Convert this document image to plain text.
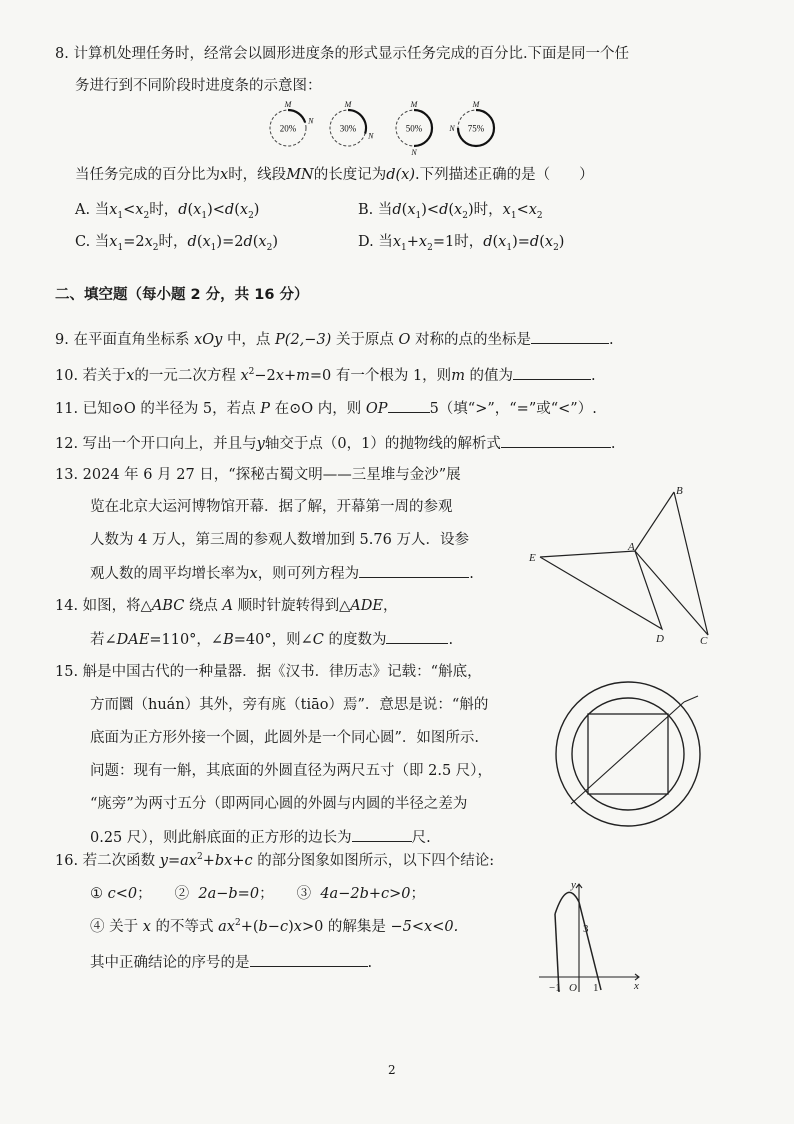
8. 计算机处理任务时，经常会以圆形进度条的形式显示任务完成的百分比.下面是同一个任
务进行到不同阶段时进度条的示意图：
20%
M
N
30%
M
N
50%
M
N
75%
M
N
当任务完成的百分比为x时，线段MN的长度记为d(x).下列描述正确的是（　　）
A. 当$x_1<x_2$时，$d(x_1)<d(x_2)$	B. 当$d(x_1)<d(x_2)$时，$x_1<x_2$
C. 当$x_1=2x_2$时，$d(x_1)=2d(x_2)$	D. 当$x_1+x_2=1$时，$d(x_1)=d(x_2)$
二、填空题（每小题 2 分，共 16 分）
9. 在平面直角坐标系 xOy 中，点 P(2,−3) 关于原点 O 对称的点的坐标是	.
10. 若关于x的一元二次方程 $x^2-2x+m=0$ 有一个根为 1，则m 的值为	.
11. 已知⊙O 的半径为 5，若点 P 在⊙O 内，则 OP	5（填“>”，“=”或“<”）.
12. 写出一个开口向上，并且与y轴交于点（0，1）的抛物线的解析式	.
13. 2024 年 6 月 27 日，“探秘古蜀文明——三星堆与金沙”展
览在北京大运河博物馆开幕．据了解，开幕第一周的参观
人数为 4 万人，第三周的参观人数增加到 5.76 万人．设参
观人数的周平均增长率为x，则可列方程为	.
14. 如图，将△ABC 绕点 A 顺时针旋转得到△ADE，
若∠DAE=110°，∠B=40°，则∠C 的度数为	.
B
A
C
D
E
15. 斛是中国古代的一种量器．据《汉书．律历志》记载：“斛底，
方而圜（huán）其外，旁有庣（tiāo）焉”．意思是说：“斛的
底面为正方形外接一个圆，此圆外是一个同心圆”．如图所示.
问题：现有一斛，其底面的外圆直径为两尺五寸（即 2.5 尺），
“庣旁”为两寸五分（即两同心圆的外圆与内圆的半径之差为
0.25 尺），则此斛底面的正方形的边长为	尺.
16. 若二次函数 $y=ax^2+bx+c$ 的部分图象如图所示，以下四个结论:
① c<0； ② 2a−b=0； ③ 4a−2b+c>0；
④ 关于 x 的不等式 $ax^2+(b-c)x>0$ 的解集是 −5<x<0.
其中正确结论的序号的是	.
y
x
3
−1 O 1
2
